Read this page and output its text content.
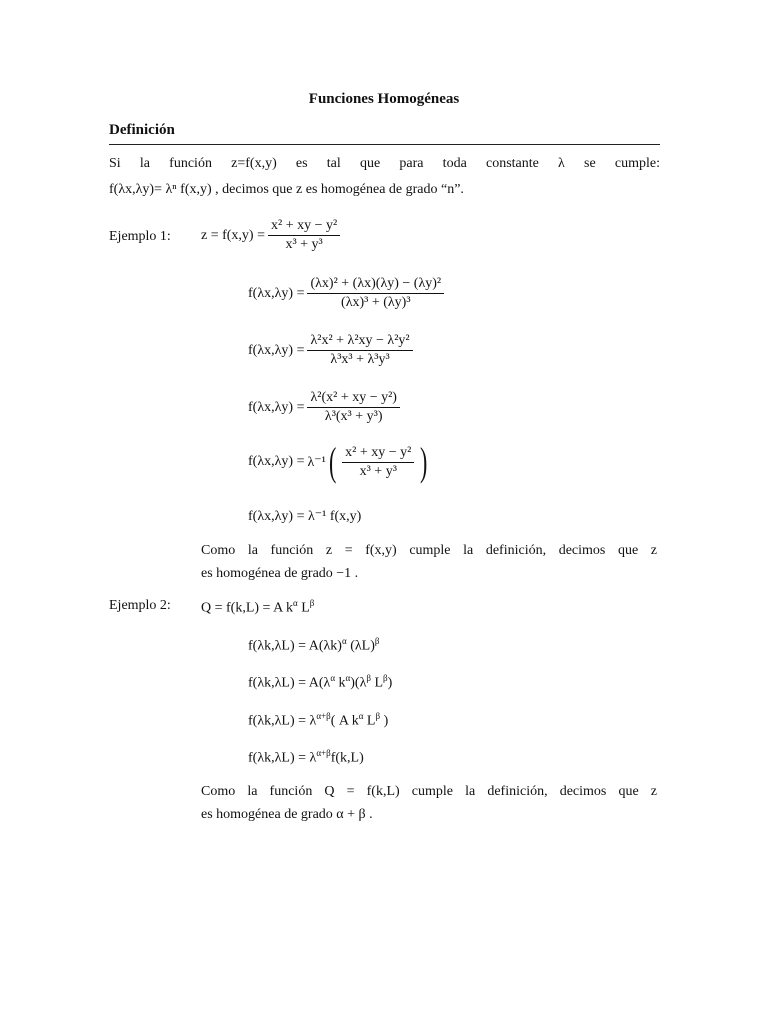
Funciones Homogéneas
Definición
Si la función z=f(x,y) es tal que para toda constante λ se cumple:
f(λx,λy)= λⁿ f(x,y) , decimos que z es homogénea de grado “n”.
Ejemplo 1: $z = f(x,y) = \frac{\text{x² + xy − y²}}{\text{x³ + y³}}$
$f(\lambda x,\lambda y) = \frac{\text{(λx)² + (λx)(λy) − (λy)²}}{\text{(λx)³ + (λy)³}}$
$f(\lambda x,\lambda y) = \frac{\text{λ²x² + λ²xy − λ²y²}}{\text{λ³x³ + λ³y³}}$
$f(\lambda x,\lambda y) = \frac{\text{λ²(x² + xy − y²)}}{\text{λ³(x³ + y³)}}$
f(λx,λy) = λ⁻¹ ( $\frac{\text{x² + xy − y²}}{\text{x³ + y³}}$ )
f(λx,λy) = λ⁻¹ f(x,y)
Como la función z = f(x,y) cumple la definición, decimos que z
es homogénea de grado −1 .
Ejemplo 2: Q = f(k,L) = A $k^\alpha$ $L^\beta$
$f(\lambda k,\lambda L) = A(\lambda k)^\alpha$ $(\lambda L)^\beta$
$f(\lambda k,\lambda L) = A(\lambda^\alpha$ $k^\alpha)(\lambda^\beta$ $L^\beta$)
$f(\lambda k,\lambda L) = \lambda^{\alpha+\beta}$( A $k^\alpha$ $L^\beta$ )
$f(\lambda k,\lambda L) = \lambda^{\alpha+\beta}f(k,L)$
Como la función Q = f(k,L) cumple la definición, decimos que z
es homogénea de grado α + β .
